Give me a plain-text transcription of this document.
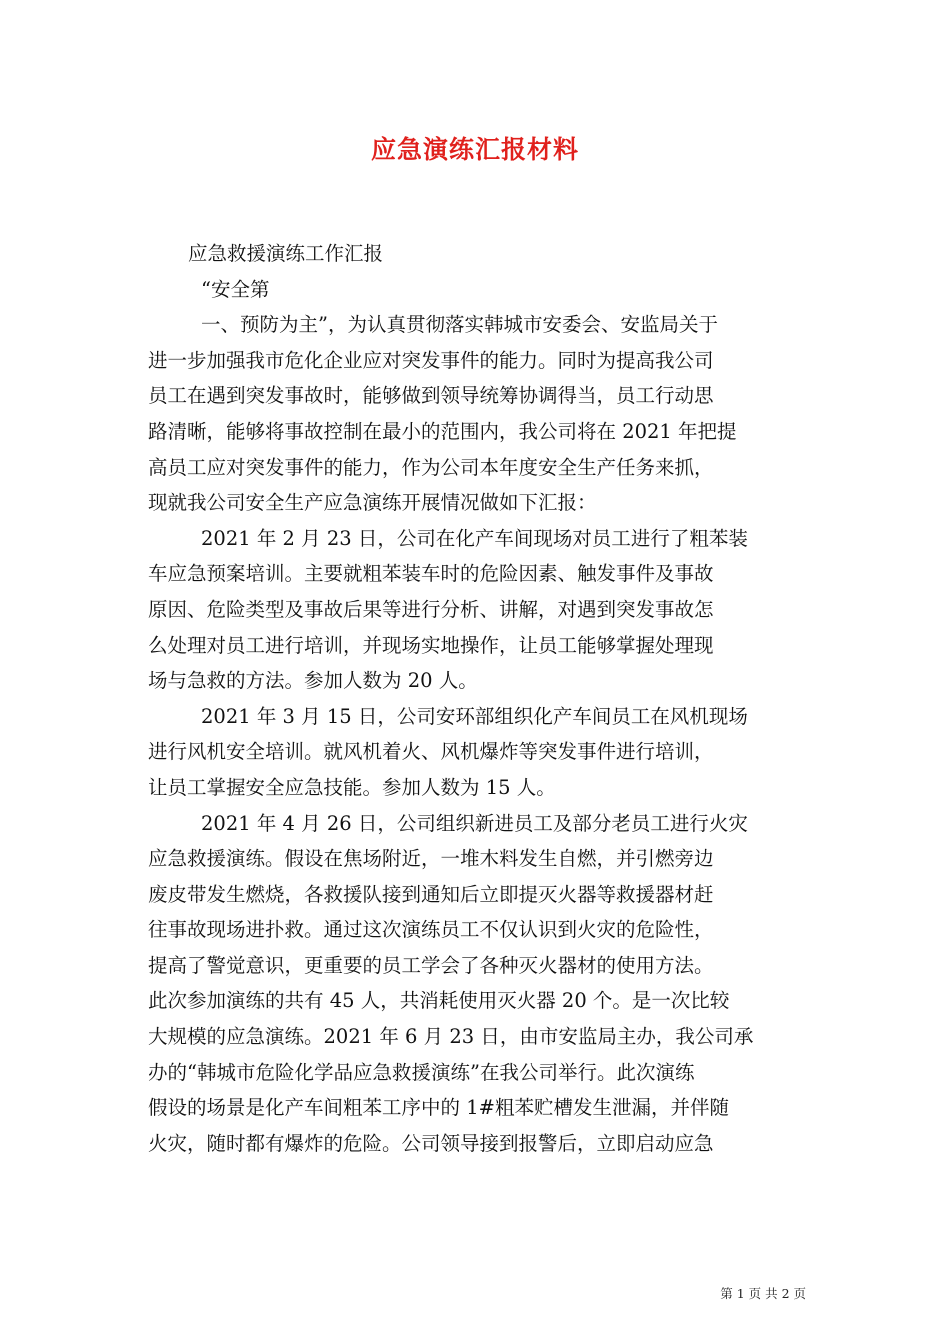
应急演练汇报材料
应急救援演练工作汇报
“安全第
一、预防为主”，为认真贯彻落实韩城市安委会、安监局关于
进一步加强我市危化企业应对突发事件的能力。同时为提高我公司
员工在遇到突发事故时，能够做到领导统筹协调得当，员工行动思
路清晰，能够将事故控制在最小的范围内，我公司将在 2021 年把提
高员工应对突发事件的能力，作为公司本年度安全生产任务来抓，
现就我公司安全生产应急演练开展情况做如下汇报：
2021 年 2 月 23 日，公司在化产车间现场对员工进行了粗苯装
车应急预案培训。主要就粗苯装车时的危险因素、触发事件及事故
原因、危险类型及事故后果等进行分析、讲解，对遇到突发事故怎
么处理对员工进行培训，并现场实地操作，让员工能够掌握处理现
场与急救的方法。参加人数为 20 人。
2021 年 3 月 15 日，公司安环部组织化产车间员工在风机现场
进行风机安全培训。就风机着火、风机爆炸等突发事件进行培训，
让员工掌握安全应急技能。参加人数为 15 人。
2021 年 4 月 26 日，公司组织新进员工及部分老员工进行火灾
应急救援演练。假设在焦场附近，一堆木料发生自燃，并引燃旁边
废皮带发生燃烧，各救援队接到通知后立即提灭火器等救援器材赶
往事故现场进扑救。通过这次演练员工不仅认识到火灾的危险性，
提高了警觉意识，更重要的员工学会了各种灭火器材的使用方法。
此次参加演练的共有 45 人，共消耗使用灭火器 20 个。是一次比较
大规模的应急演练。2021 年 6 月 23 日，由市安监局主办，我公司承
办的“韩城市危险化学品应急救援演练”在我公司举行。此次演练
假设的场景是化产车间粗苯工序中的 1#粗苯贮槽发生泄漏，并伴随
火灾，随时都有爆炸的危险。公司领导接到报警后，立即启动应急
第 1 页 共 2 页
